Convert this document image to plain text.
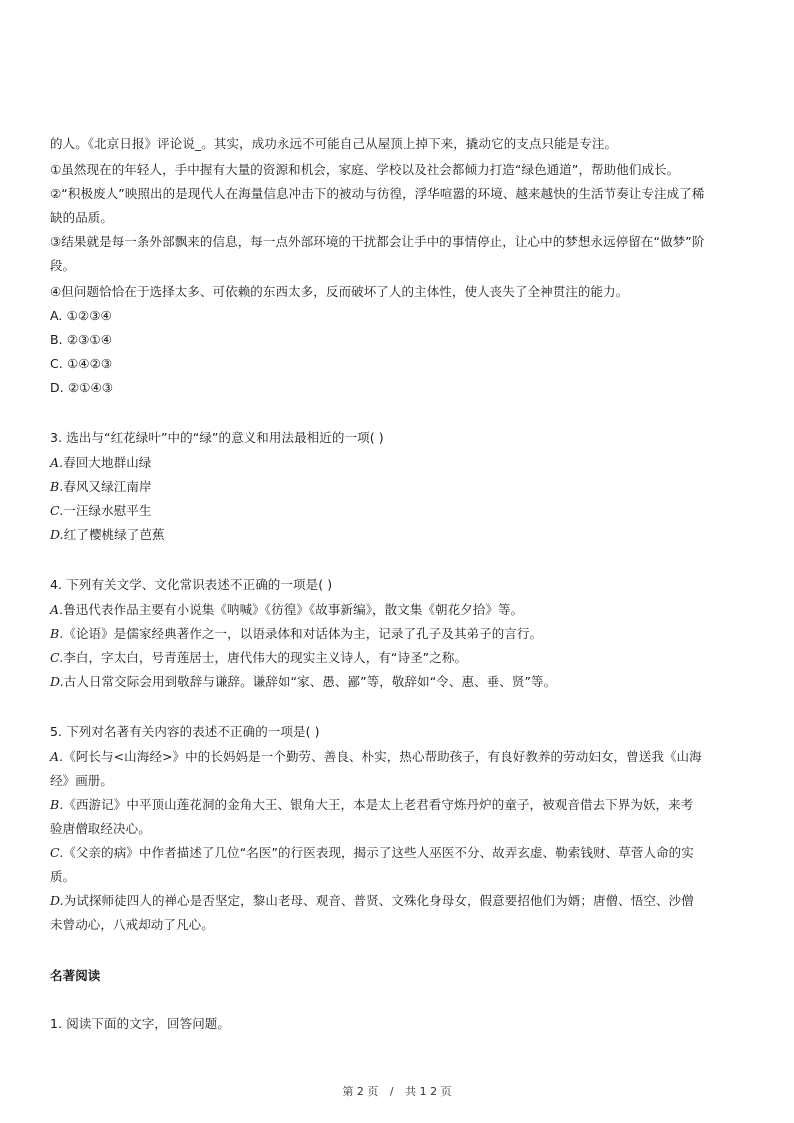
的人。《北京日报》评论说_。其实，成功永远不可能自己从屋顶上掉下来，撬动它的支点只能是专注。
①虽然现在的年轻人，手中握有大量的资源和机会，家庭、学校以及社会都倾力打造“绿色通道”，帮助他们成长。
②“积极废人”映照出的是现代人在海量信息冲击下的被动与彷徨，浮华喧嚣的环境、越来越快的生活节奏让专注成了稀
缺的品质。
③结果就是每一条外部飘来的信息，每一点外部环境的干扰都会让手中的事情停止，让心中的梦想永远停留在“做梦”阶
段。
④但问题恰恰在于选择太多、可依赖的东西太多，反而破坏了人的主体性，使人丧失了全神贯注的能力。
A. ①②③④
B. ②③①④
C. ①④②③
D. ②①④③
3. 选出与“红花绿叶”中的“绿”的意义和用法最相近的一项( )
A.春回大地群山绿
B.春风又绿江南岸
C.一汪绿水慰平生
D.红了樱桃绿了芭蕉
4. 下列有关文学、文化常识表述不正确的一项是( )
A.鲁迅代表作品主要有小说集《呐喊》《彷徨》《故事新编》，散文集《朝花夕拾》等。
B.《论语》是儒家经典著作之一，以语录体和对话体为主，记录了孔子及其弟子的言行。
C.李白，字太白，号青莲居士，唐代伟大的现实主义诗人，有“诗圣”之称。
D.古人日常交际会用到敬辞与谦辞。谦辞如“家、愚、鄙”等，敬辞如“令、惠、垂、贤”等。
5. 下列对名著有关内容的表述不正确的一项是( )
A.《阿长与<山海经>》中的长妈妈是一个勤劳、善良、朴实，热心帮助孩子，有良好教养的劳动妇女，曾送我《山海
经》画册。
B.《西游记》中平顶山莲花洞的金角大王、银角大王，本是太上老君看守炼丹炉的童子，被观音借去下界为妖，来考
验唐僧取经决心。
C.《父亲的病》中作者描述了几位“名医”的行医表现，揭示了这些人巫医不分、故弄玄虚、勒索钱财、草菅人命的实
质。
D.为试探师徒四人的禅心是否坚定，黎山老母、观音、普贤、文殊化身母女，假意要招他们为婿；唐僧、悟空、沙僧
未曾动心，八戒却动了凡心。
名著阅读
1. 阅读下面的文字，回答问题。
第 2 页 / 共 1 2 页
